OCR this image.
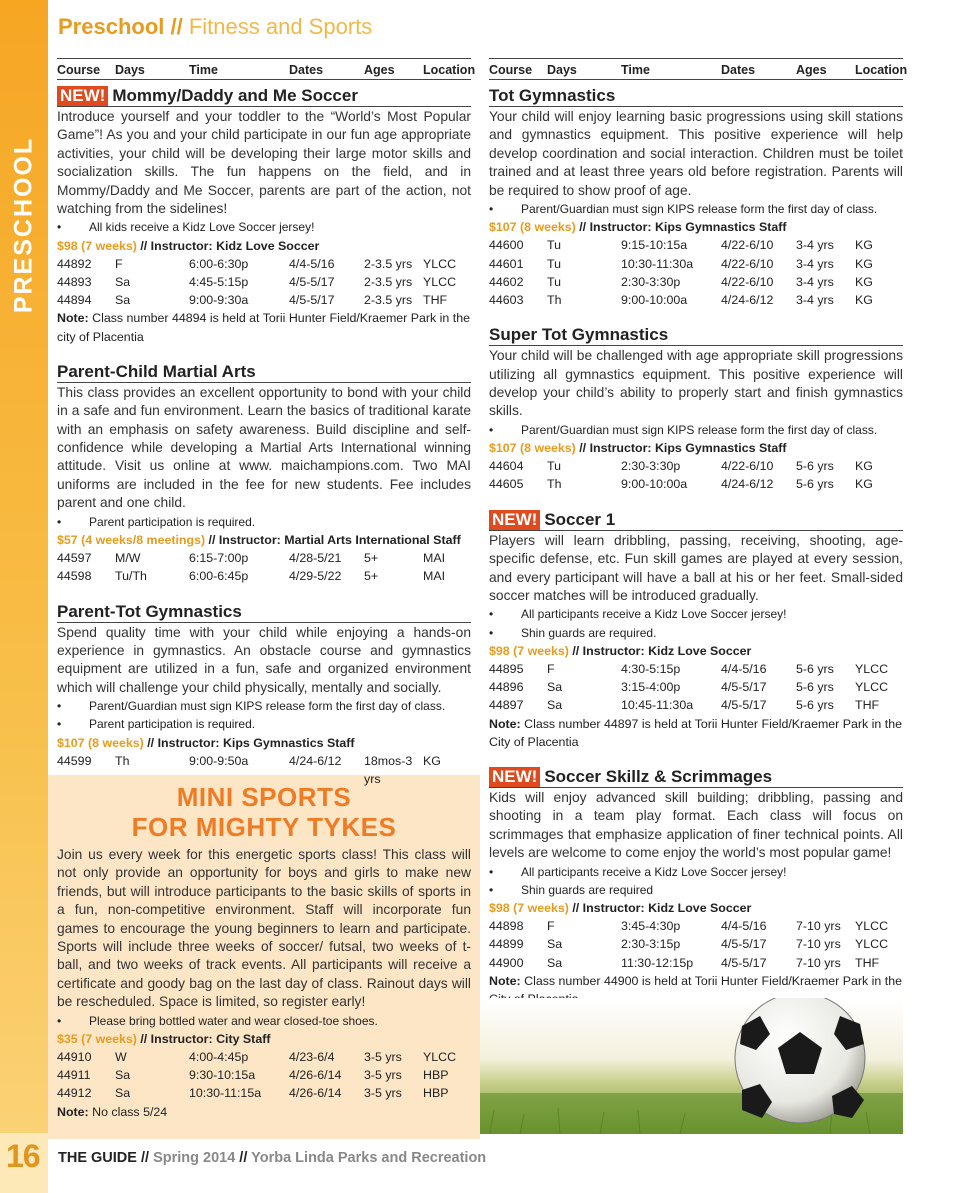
PRESCHOOL
16
Preschool // Fitness and Sports
Course	Days	Time	Dates	Ages	Location
NEW! Mommy/Daddy and Me Soccer
Introduce yourself and your toddler to the “World’s Most Popular Game”! As you and your child participate in our fun age appropriate activities, your child will be developing their large motor skills and socialization skills. The fun happens on the field, and in Mommy/Daddy and Me Soccer, parents are part of the action, not watching from the sidelines!
• All kids receive a Kidz Love Soccer jersey!
$98 (7 weeks) // Instructor: Kidz Love Soccer
44892	F	6:00-6:30p	4/4-5/16	2-3.5 yrs YLCC
44893	Sa	4:45-5:15p	4/5-5/17	2-3.5 yrs YLCC
44894	Sa	9:00-9:30a	4/5-5/17	2-3.5 yrs THF
Note: Class number 44894 is held at Torii Hunter Field/Kraemer Park in the city of Placentia
Parent-Child Martial Arts
This class provides an excellent opportunity to bond with your child in a safe and fun environment. Learn the basics of traditional karate with an emphasis on safety awareness. Build discipline and self-confidence while developing a Martial Arts International winning attitude. Visit us online at www. maichampions.com. Two MAI uniforms are included in the fee for new students. Fee includes parent and one child.
• Parent participation is required.
$57 (4 weeks/8 meetings) // Instructor: Martial Arts International Staff
44597	M/W	6:15-7:00p	4/28-5/21	5+	MAI
44598	Tu/Th	6:00-6:45p	4/29-5/22	5+	MAI
Parent-Tot Gymnastics
Spend quality time with your child while enjoying a hands-on experience in gymnastics. An obstacle course and gymnastics equipment are utilized in a fun, safe and organized environment which will challenge your child physically, mentally and socially.
• Parent/Guardian must sign KIPS release form the first day of class.
• Parent participation is required.
$107 (8 weeks) // Instructor: Kips Gymnastics Staff
44599	Th	9:00-9:50a	4/24-6/12	18mos-3 yrs
KG
MINI SPORTS
FOR MIGHTY TYKES
Join us every week for this energetic sports class! This class will not only provide an opportunity for boys and girls to make new friends, but will introduce participants to the basic skills of sports in a fun, non-competitive environment. Staff will incorporate fun games to encourage the young beginners to learn and participate. Sports will include three weeks of soccer/ futsal, two weeks of t-ball, and two weeks of track events. All participants will receive a certificate and goody bag on the last day of class. Rainout days will be rescheduled. Space is limited, so register early!
• Please bring bottled water and wear closed-toe shoes.
$35 (7 weeks) // Instructor: City Staff
44910	W	4:00-4:45p	4/23-6/4	3-5 yrs	YLCC
44911	Sa	9:30-10:15a	4/26-6/14	3-5 yrs	HBP
44912	Sa	10:30-11:15a	4/26-6/14	3-5 yrs	HBP
Note: No class 5/24
Course	Days	Time	Dates	Ages	Location
Tot Gymnastics
Your child will enjoy learning basic progressions using skill stations and gymnastics equipment. This positive experience will help develop coordination and social interaction. Children must be toilet trained and at least three years old before registration. Parents will be required to show proof of age.
• Parent/Guardian must sign KIPS release form the first day of class.
$107 (8 weeks) // Instructor: Kips Gymnastics Staff
44600	Tu	9:15-10:15a	4/22-6/10	3-4 yrs	KG
44601	Tu	10:30-11:30a	4/22-6/10	3-4 yrs	KG
44602	Tu	2:30-3:30p	4/22-6/10	3-4 yrs	KG
44603	Th	9:00-10:00a	4/24-6/12	3-4 yrs	KG
Super Tot Gymnastics
Your child will be challenged with age appropriate skill progressions utilizing all gymnastics equipment. This positive experience will develop your child’s ability to properly start and finish gymnastics skills.
• Parent/Guardian must sign KIPS release form the first day of class.
$107 (8 weeks) // Instructor: Kips Gymnastics Staff
44604	Tu	2:30-3:30p	4/22-6/10	5-6 yrs	KG
44605	Th	9:00-10:00a	4/24-6/12	5-6 yrs	KG
NEW! Soccer 1
Players will learn dribbling, passing, receiving, shooting, age-specific defense, etc. Fun skill games are played at every session, and every participant will have a ball at his or her feet. Small-sided soccer matches will be introduced gradually.
• All participants receive a Kidz Love Soccer jersey!
• Shin guards are required.
$98 (7 weeks) // Instructor: Kidz Love Soccer
44895	F	4:30-5:15p	4/4-5/16	5-6 yrs	YLCC
44896	Sa	3:15-4:00p	4/5-5/17	5-6 yrs	YLCC
44897	Sa	10:45-11:30a	4/5-5/17	5-6 yrs	THF
Note: Class number 44897 is held at Torii Hunter Field/Kraemer Park in the City of Placentia
NEW! Soccer Skillz & Scrimmages
Kids will enjoy advanced skill building; dribbling, passing and shooting in a team play format. Each class will focus on scrimmages that emphasize application of finer technical points. All levels are welcome to come enjoy the world’s most popular game!
• All participants receive a Kidz Love Soccer jersey!
• Shin guards are required
$98 (7 weeks) // Instructor: Kidz Love Soccer
44898	F	3:45-4:30p	4/4-5/16	7-10 yrs	YLCC
44899	Sa	2:30-3:15p	4/5-5/17	7-10 yrs	YLCC
44900	Sa	11:30-12:15p	4/5-5/17	7-10 yrs	THF
Note: Class number 44900 is held at Torii Hunter Field/Kraemer Park in the
THE GUIDE // Spring 2014 // Yorba Linda Parks and Recreation
